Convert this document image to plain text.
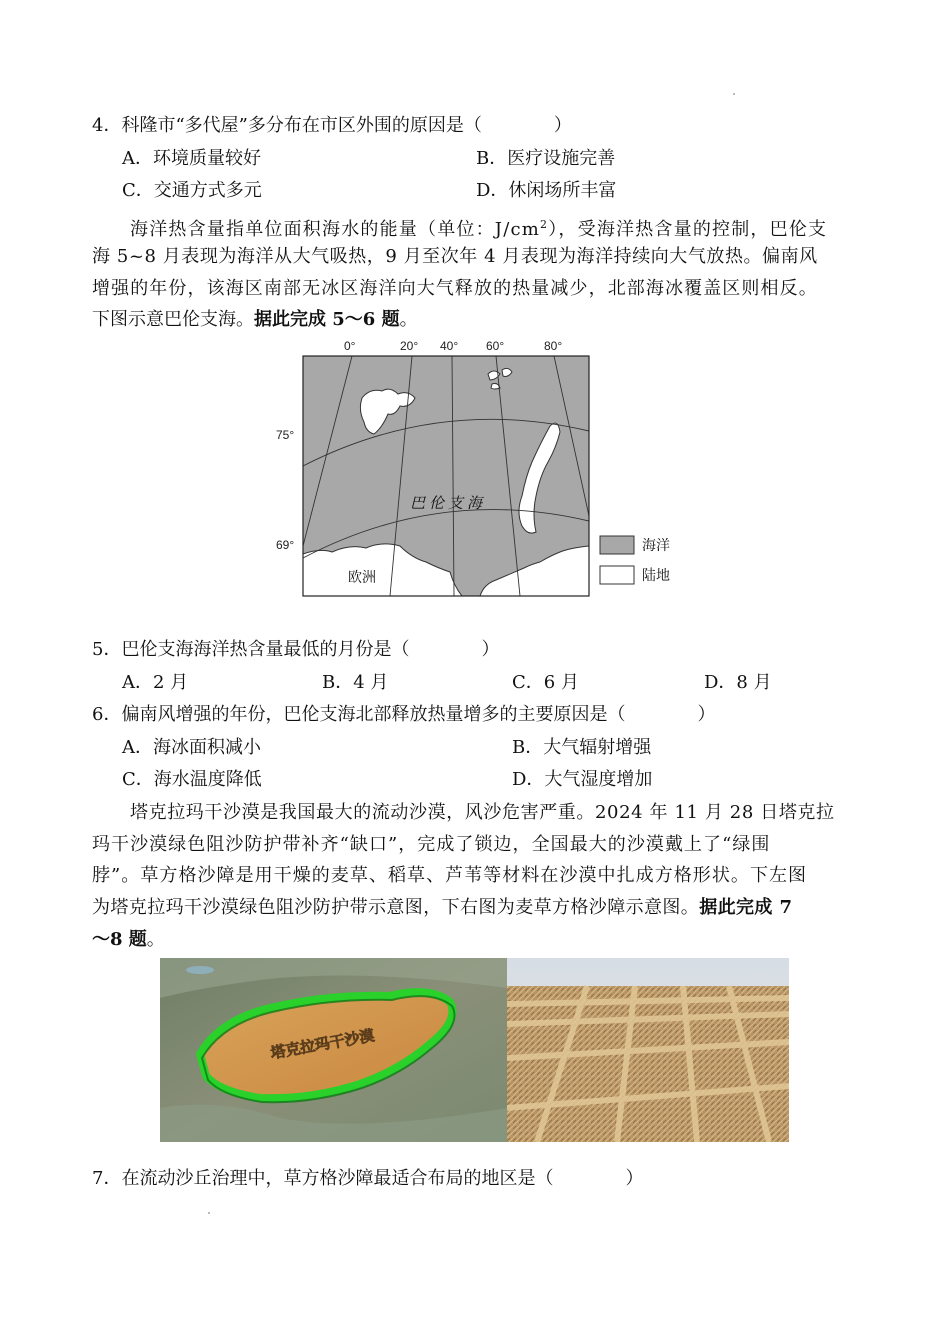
4．科隆市“多代屋”多分布在市区外围的原因是（　　　　）
A．环境质量较好	B．医疗设施完善
C．交通方式多元	D．休闲场所丰富
海洋热含量指单位面积海水的能量（单位：$J/cm^2$），受海洋热含量的控制，巴伦支
海 5~8 月表现为海洋从大气吸热，9 月至次年 4 月表现为海洋持续向大气放热。偏南风
增强的年份，该海区南部无冰区海洋向大气释放的热量减少，北部海冰覆盖区则相反。
下图示意巴伦支海。据此完成 5～6 题。
0°	20° 40° 60°	80°
75°
69°
巴伦支海
欧洲
海洋
陆地
5．巴伦支海海洋热含量最低的月份是（　　　　）
A．2 月	B．4 月	C．6 月	D．8 月
6．偏南风增强的年份，巴伦支海北部释放热量增多的主要原因是（　　　　）
A．海冰面积减小	B．大气辐射增强
C．海水温度降低	D．大气湿度增加
塔克拉玛干沙漠是我国最大的流动沙漠，风沙危害严重。2024 年 11 月 28 日塔克拉
玛干沙漠绿色阻沙防护带补齐“缺口”，完成了锁边，全国最大的沙漠戴上了“绿围
脖”。草方格沙障是用干燥的麦草、稻草、芦苇等材料在沙漠中扎成方格形状。下左图
为塔克拉玛干沙漠绿色阻沙防护带示意图，下右图为麦草方格沙障示意图。据此完成 7
～8 题。
塔克拉玛干沙漠
7．在流动沙丘治理中，草方格沙障最适合布局的地区是（　　　　）
